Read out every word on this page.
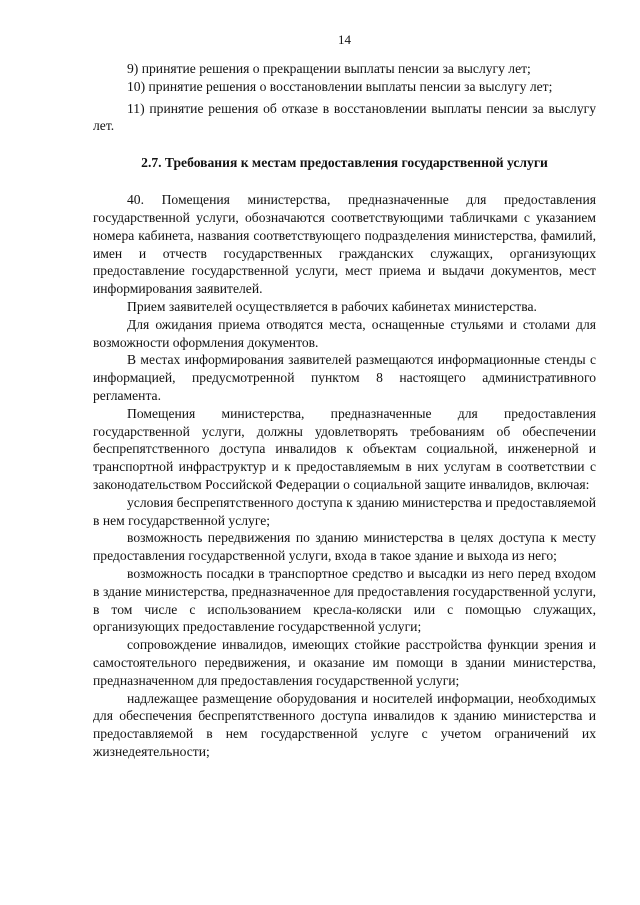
14

9) принятие решения о прекращении выплаты пенсии за выслугу лет;

10) принятие решения о восстановлении выплаты пенсии за выслугу лет;

11) принятие решения об отказе в восстановлении выплаты пенсии за выслугу лет.

2.7. Требования к местам предоставления государственной услуги

40. Помещения министерства, предназначенные для предоставления государственной услуги, обозначаются соответствующими табличками с указанием номера кабинета, названия соответствующего подразделения министерства, фамилий, имен и отчеств государственных гражданских служащих, организующих предоставление государственной услуги, мест приема и выдачи документов, мест информирования заявителей.

Прием заявителей осуществляется в рабочих кабинетах министерства.

Для ожидания приема отводятся места, оснащенные стульями и столами для возможности оформления документов.

В местах информирования заявителей размещаются информационные стенды с информацией, предусмотренной пунктом 8 настоящего административного регламента.

Помещения министерства, предназначенные для предоставления государственной услуги, должны удовлетворять требованиям об обеспечении беспрепятственного доступа инвалидов к объектам социальной, инженерной и транспортной инфраструктур и к предоставляемым в них услугам в соответствии с законодательством Российской Федерации о социальной защите инвалидов, включая:

условия беспрепятственного доступа к зданию министерства и предоставляемой в нем государственной услуге;

возможность передвижения по зданию министерства в целях доступа к месту предоставления государственной услуги, входа в такое здание и выхода из него;

возможность посадки в транспортное средство и высадки из него перед входом в здание министерства, предназначенное для предоставления государственной услуги, в том числе с использованием кресла-коляски или с помощью служащих, организующих предоставление государственной услуги;

сопровождение инвалидов, имеющих стойкие расстройства функции зрения и самостоятельного передвижения, и оказание им помощи в здании министерства, предназначенном для предоставления государственной услуги;

надлежащее размещение оборудования и носителей информации, необходимых для обеспечения беспрепятственного доступа инвалидов к зданию министерства и предоставляемой в нем государственной услуге с учетом ограничений их жизнедеятельности;
